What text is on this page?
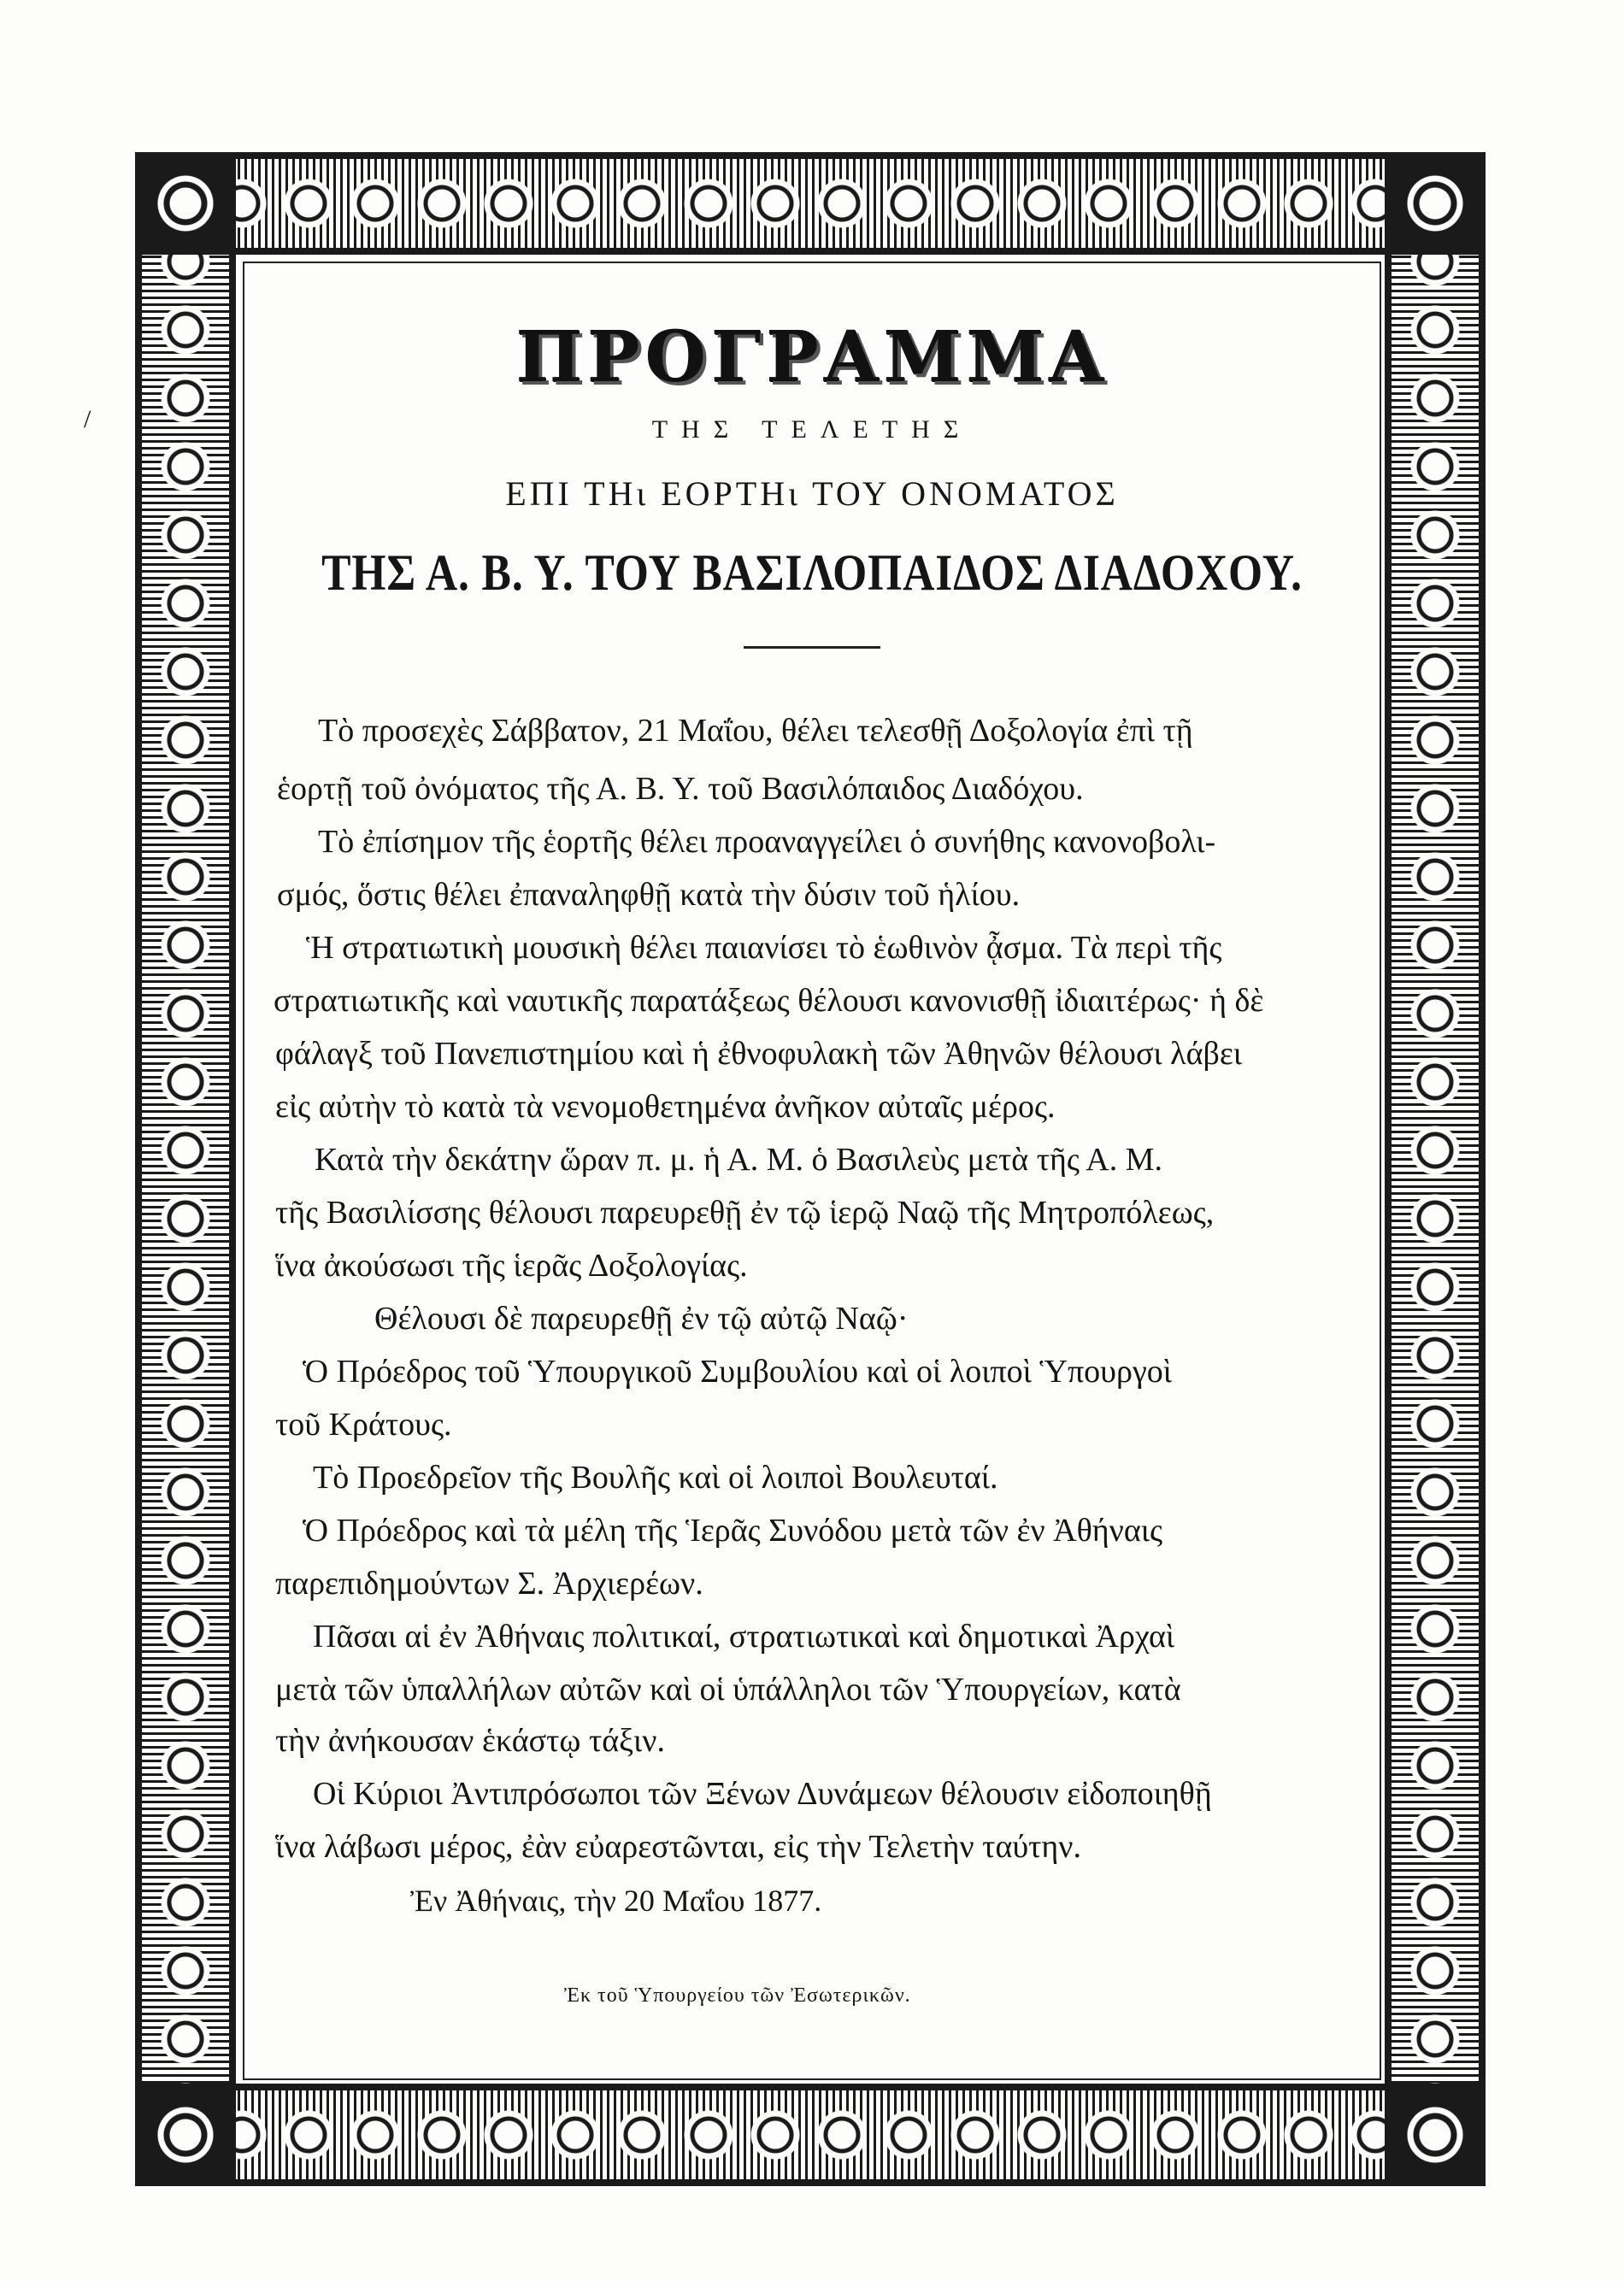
/
ΠΡΟΓΡΑΜΜΑ
ΤΗΣ ΤΕΛΕΤΗΣ
ΕΠΙ ΤΗι ΕΟΡΤΗι ΤΟΥ ΟΝΟΜΑΤΟΣ
ΤΗΣ Α. Β. Υ. ΤΟΥ ΒΑΣΙΛΟΠΑΙΔΟΣ ΔΙΑΔΟΧΟΥ.
Τὸ προσεχὲς Σάββατον, 21 Μαΐου, θέλει τελεσθῇ Δοξολογία ἐπὶ τῇ
ἑορτῇ τοῦ ὀνόματος τῆς Α. Β. Υ. τοῦ Βασιλόπαιδος Διαδόχου.
Τὸ ἐπίσημον τῆς ἑορτῆς θέλει προαναγγείλει ὁ συνήθης κανονοβολι-
σμός, ὅστις θέλει ἐπαναληφθῇ κατὰ τὴν δύσιν τοῦ ἡλίου.
Ἡ στρατιωτικὴ μουσικὴ θέλει παιανίσει τὸ ἑωθινὸν ᾆσμα. Τὰ περὶ τῆς
στρατιωτικῆς καὶ ναυτικῆς παρατάξεως θέλουσι κανονισθῇ ἰδιαιτέρως· ἡ δὲ
φάλαγξ τοῦ Πανεπιστημίου καὶ ἡ ἐθνοφυλακὴ τῶν Ἀθηνῶν θέλουσι λάβει
εἰς αὐτὴν τὸ κατὰ τὰ νενομοθετημένα ἀνῆκον αὐταῖς μέρος.
Κατὰ τὴν δεκάτην ὥραν π. μ. ἡ Α. Μ. ὁ Βασιλεὺς μετὰ τῆς Α. Μ.
τῆς Βασιλίσσης θέλουσι παρευρεθῇ ἐν τῷ ἱερῷ Ναῷ τῆς Μητροπόλεως,
ἵνα ἀκούσωσι τῆς ἱερᾶς Δοξολογίας.
Θέλουσι δὲ παρευρεθῇ ἐν τῷ αὐτῷ Ναῷ·
Ὁ Πρόεδρος τοῦ Ὑπουργικοῦ Συμβουλίου καὶ οἱ λοιποὶ Ὑπουργοὶ
τοῦ Κράτους.
Τὸ Προεδρεῖον τῆς Βουλῆς καὶ οἱ λοιποὶ Βουλευταί.
Ὁ Πρόεδρος καὶ τὰ μέλη τῆς Ἱερᾶς Συνόδου μετὰ τῶν ἐν Ἀθήναις
παρεπιδημούντων Σ. Ἀρχιερέων.
Πᾶσαι αἱ ἐν Ἀθήναις πολιτικαί, στρατιωτικαὶ καὶ δημοτικαὶ Ἀρχαὶ
μετὰ τῶν ὑπαλλήλων αὐτῶν καὶ οἱ ὑπάλληλοι τῶν Ὑπουργείων, κατὰ
τὴν ἀνήκουσαν ἑκάστῳ τάξιν.
Οἱ Κύριοι Ἀντιπρόσωποι τῶν Ξένων Δυνάμεων θέλουσιν εἰδοποιηθῇ
ἵνα λάβωσι μέρος, ἐὰν εὐαρεστῶνται, εἰς τὴν Τελετὴν ταύτην.
Ἐν Ἀθήναις, τὴν 20 Μαΐου 1877.
Ἐκ τοῦ Ὑπουργείου τῶν Ἐσωτερικῶν.
